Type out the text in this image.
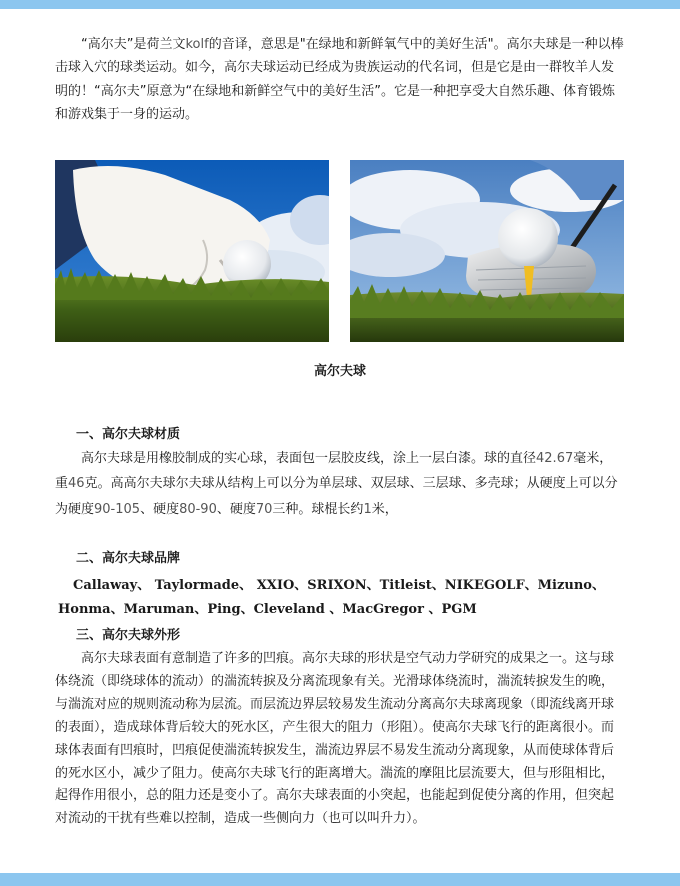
“高尔夫”是荷兰文kolf的音译，意思是"在绿地和新鲜氧气中的美好生活"。高尔夫球是一种以棒击球入穴的球类运动。如今，高尔夫球运动已经成为贵族运动的代名词，但是它是由一群牧羊人发明的！“高尔夫”原意为“在绿地和新鲜空气中的美好生活”。它是一种把享受大自然乐趣、体育锻炼和游戏集于一身的运动。

高尔夫球

一、高尔夫球材质

高尔夫球是用橡胶制成的实心球，表面包一层胶皮线，涂上一层白漆。球的直径42.67毫米，重46克。高高尔夫球尔夫球从结构上可以分为单层球、双层球、三层球、多壳球；从硬度上可以分为硬度90-105、硬度80-90、硬度70三种。球棍长约1米，

二、高尔夫球品牌

Callaway、 Taylormade、 XXIO、SRIXON、Titleist、NIKEGOLF、Mizuno、

Honma、Maruman、Ping、Cleveland 、MacGregor 、PGM

三、高尔夫球外形

高尔夫球表面有意制造了许多的凹痕。高尔夫球的形状是空气动力学研究的成果之一。这与球体绕流（即绕球体的流动）的湍流转捩及分离流现象有关。光滑球体绕流时，湍流转捩发生的晚，与湍流对应的规则流动称为层流。而层流边界层较易发生流动分离高尔夫球离现象（即流线离开球的表面），造成球体背后较大的死水区，产生很大的阻力（形阻）。使高尔夫球飞行的距离很小。而球体表面有凹痕时，凹痕促使湍流转捩发生，湍流边界层不易发生流动分离现象，从而使球体背后的死水区小，减少了阻力。使高尔夫球飞行的距离增大。湍流的摩阻比层流要大，但与形阻相比，起得作用很小，总的阻力还是变小了。高尔夫球表面的小突起，也能起到促使分离的作用，但突起对流动的干扰有些难以控制，造成一些侧向力（也可以叫升力）。
